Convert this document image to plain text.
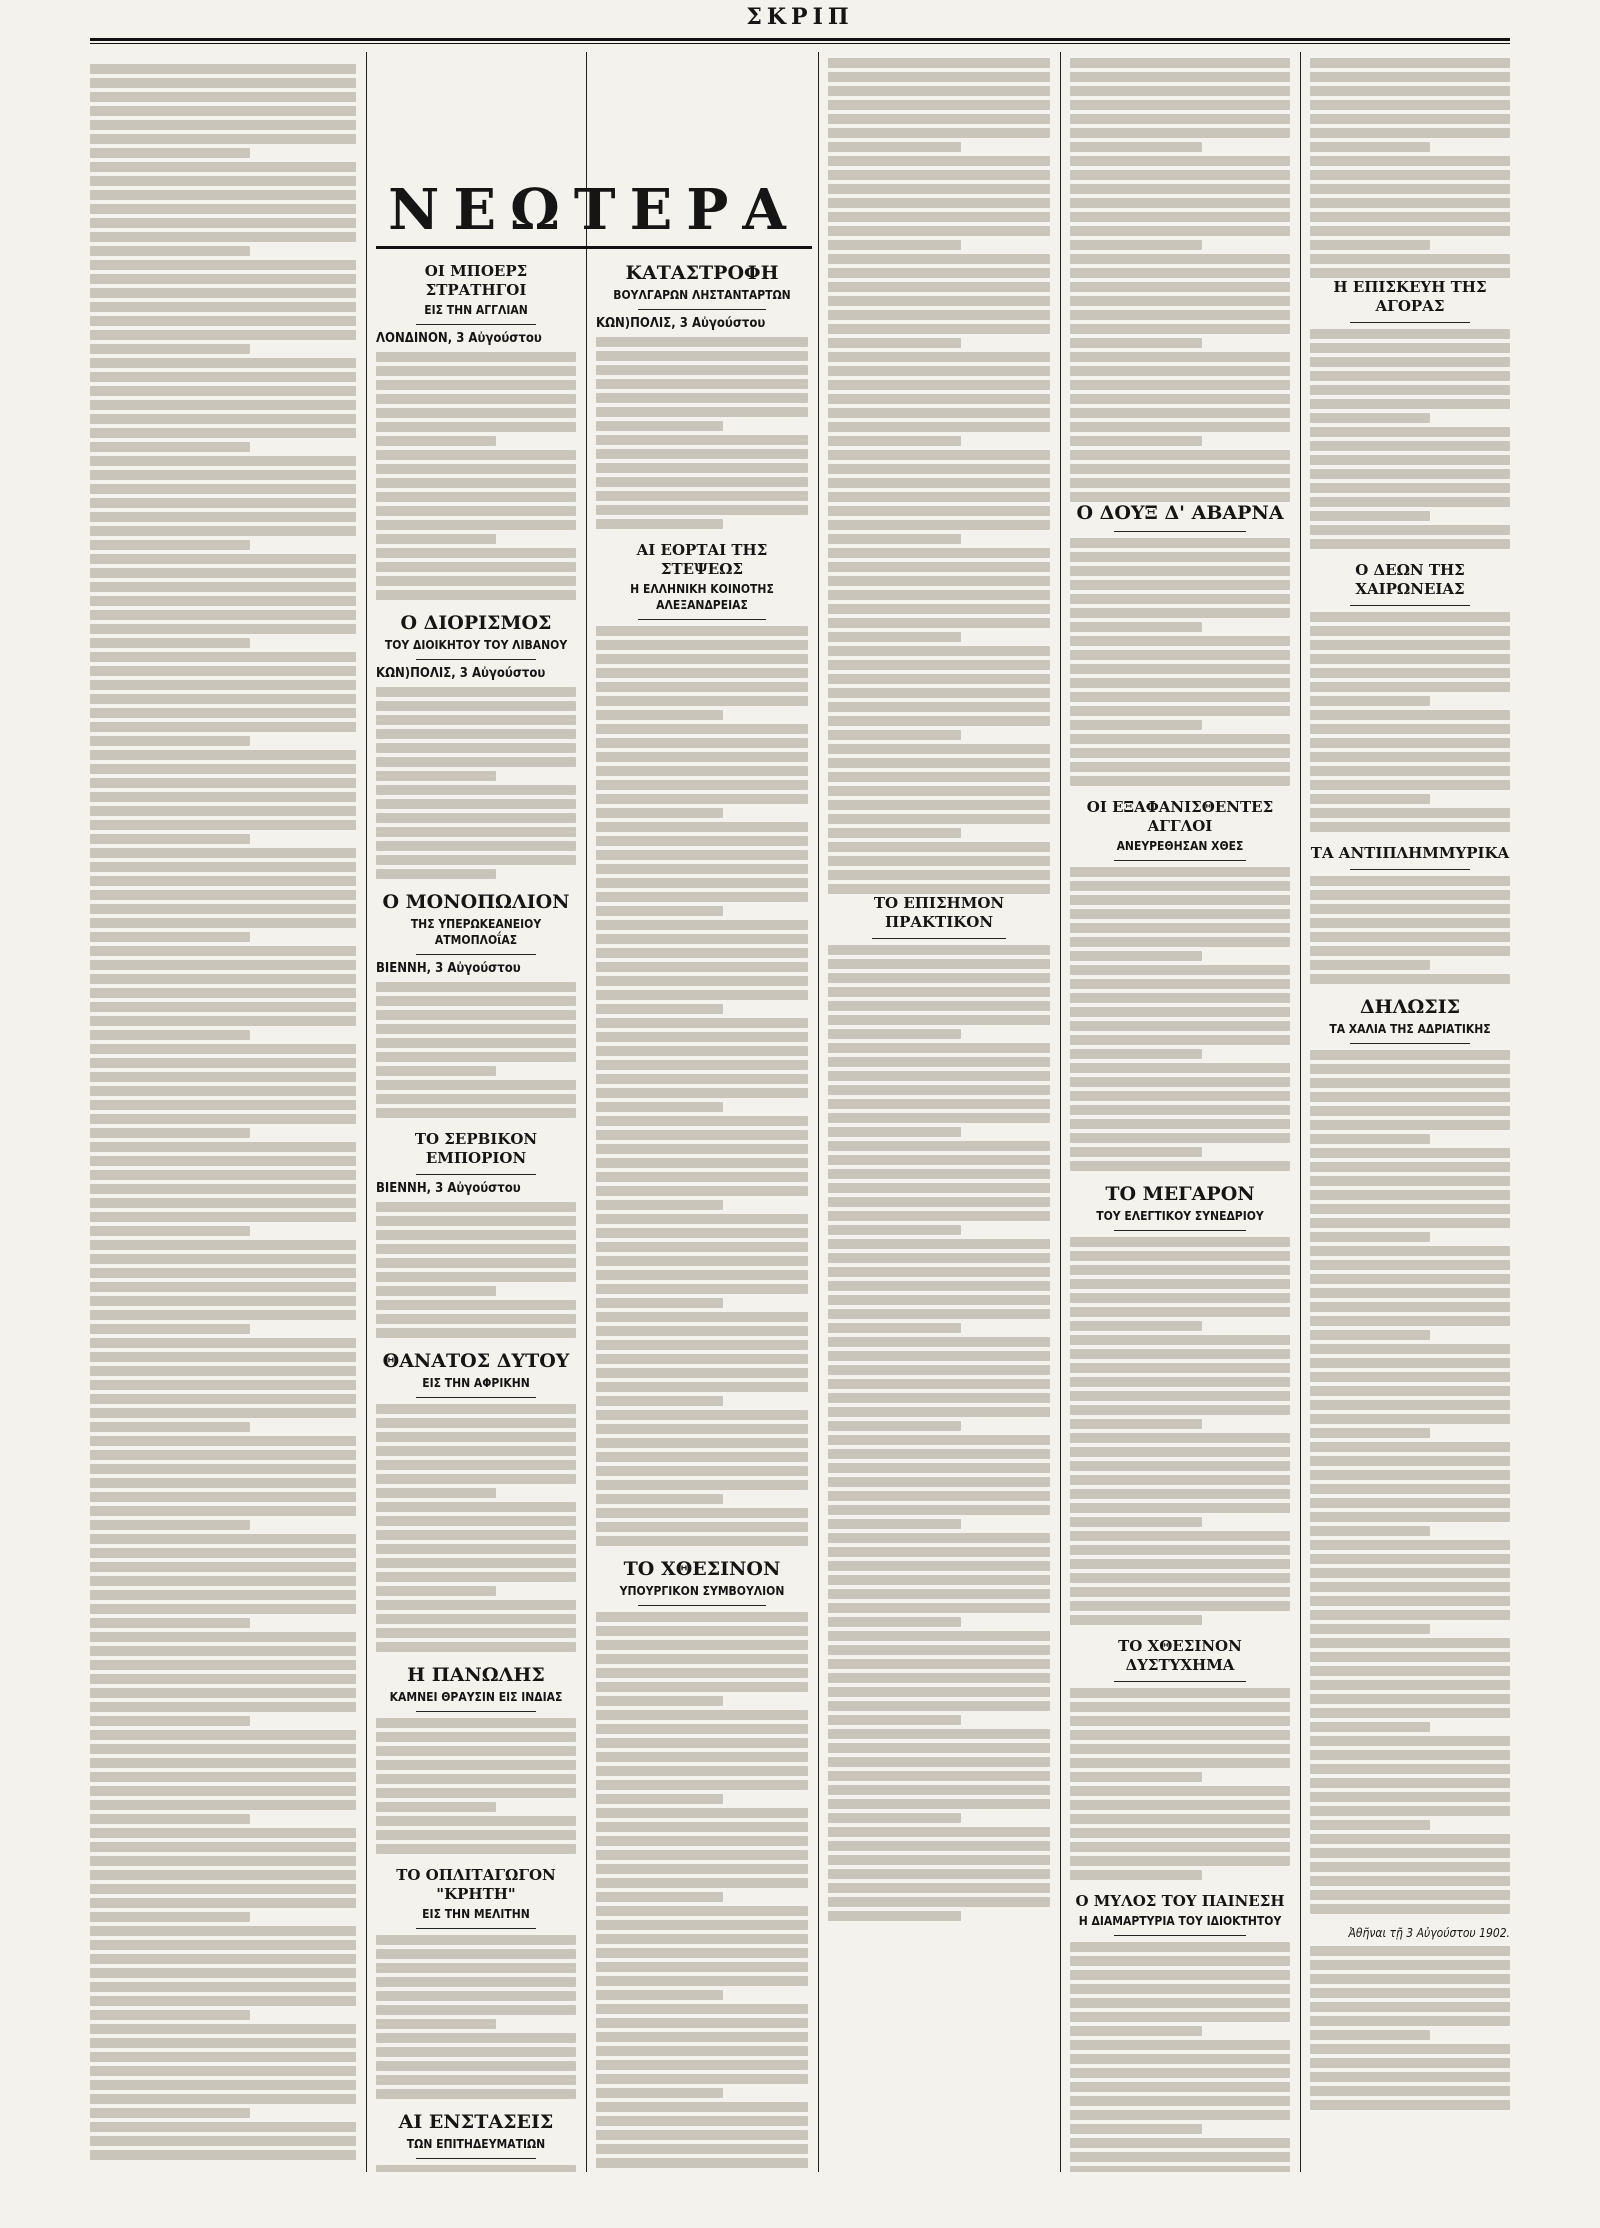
ΣΚΡΙΠ
ΝΕΩΤΕΡΑ
ΟΙ ΜΠΟΕΡΣ ΣΤΡΑΤΗΓΟΙ
ΕΙΣ ΤΗΝ ΑΓΓΛΙΑΝ
ΛΟΝΔΙΝΟΝ, 3 Αὐγούστου
Ο ΔΙΟΡΙΣΜΟΣ
ΤΟΥ ΔΙΟΙΚΗΤΟΥ ΤΟΥ ΛΙΒΑΝΟΥ
ΚΩΝ)ΠΟΛΙΣ, 3 Αὐγούστου
Ο ΜΟΝΟΠΩΛΙΟΝ
ΤΗΣ ΥΠΕΡΩΚΕΑΝΕΙΟΥ ΑΤΜΟΠΛΟΐΑΣ
ΒΙΕΝΝΗ, 3 Αὐγούστου
ΤΟ ΣΕΡΒΙΚΟΝ ΕΜΠΟΡΙΟΝ
ΒΙΕΝΝΗ, 3 Αὐγούστου
ΘΑΝΑΤΟΣ ΔΥΤΟΥ
ΕΙΣ ΤΗΝ ΑΦΡΙΚΗΝ
Η ΠΑΝΩΛΗΣ
ΚΑΜΝΕΙ ΘΡΑΥΣΙΝ ΕΙΣ ΙΝΔΙΑΣ
ΤΟ ΟΠΛΙΤΑΓΩΓΟΝ "ΚΡΗΤΗ"
ΕΙΣ ΤΗΝ ΜΕΛΙΤΗΝ
ΑΙ ΕΝΣΤΑΣΕΙΣ
ΤΩΝ ΕΠΙΤΗΔΕΥΜΑΤΙΩΝ
ΚΑΤΑΣΤΡΟΦΗ
ΒΟΥΛΓΑΡΩΝ ΛΗΣΤΑΝΤΑΡΤΩΝ
ΚΩΝ)ΠΟΛΙΣ, 3 Αὐγούστου
ΑΙ ΕΟΡΤΑΙ ΤΗΣ ΣΤΕΨΕΩΣ
Η ΕΛΛΗΝΙΚΗ ΚΟΙΝΟΤΗΣ ΑΛΕΞΑΝΔΡΕΙΑΣ
ΤΟ ΧΘΕΣΙΝΟΝ
ΥΠΟΥΡΓΙΚΟΝ ΣΥΜΒΟΥΛΙΟΝ
ΤΟ ΕΠΙΣΗΜΟΝ ΠΡΑΚΤΙΚΟΝ
Ο ΔΟΥΞ Δ' ΑΒΑΡΝΑ
ΟΙ ΕΞΑΦΑΝΙΣΘΕΝΤΕΣ ΑΓΓΛΟΙ
ΑΝΕΥΡΕΘΗΣΑΝ ΧΘΕΣ
ΤΟ ΜΕΓΑΡΟΝ
ΤΟΥ ΕΛΕΓΤΙΚΟΥ ΣΥΝΕΔΡΙΟΥ
ΤΟ ΧΘΕΣΙΝΟΝ ΔΥΣΤΥΧΗΜΑ
Ο ΜΥΛΟΣ ΤΟΥ ΠΑΙΝΕΣΗ
Η ΔΙΑΜΑΡΤΥΡΙΑ ΤΟΥ ΙΔΙΟΚΤΗΤΟΥ
Η ΕΠΙΣΚΕΥΗ ΤΗΣ ΑΓΟΡΑΣ
Ο ΔΕΩΝ ΤΗΣ ΧΑΙΡΩΝΕΙΑΣ
ΤΑ ΑΝΤΙΠΛΗΜΜΥΡΙΚΑ
ΔΗΛΩΣΙΣ
ΤΑ ΧΑΛΙΑ ΤΗΣ ΑΔΡΙΑΤΙΚΗΣ
Ἀθῆναι τῇ 3 Αὐγούστου 1902.
